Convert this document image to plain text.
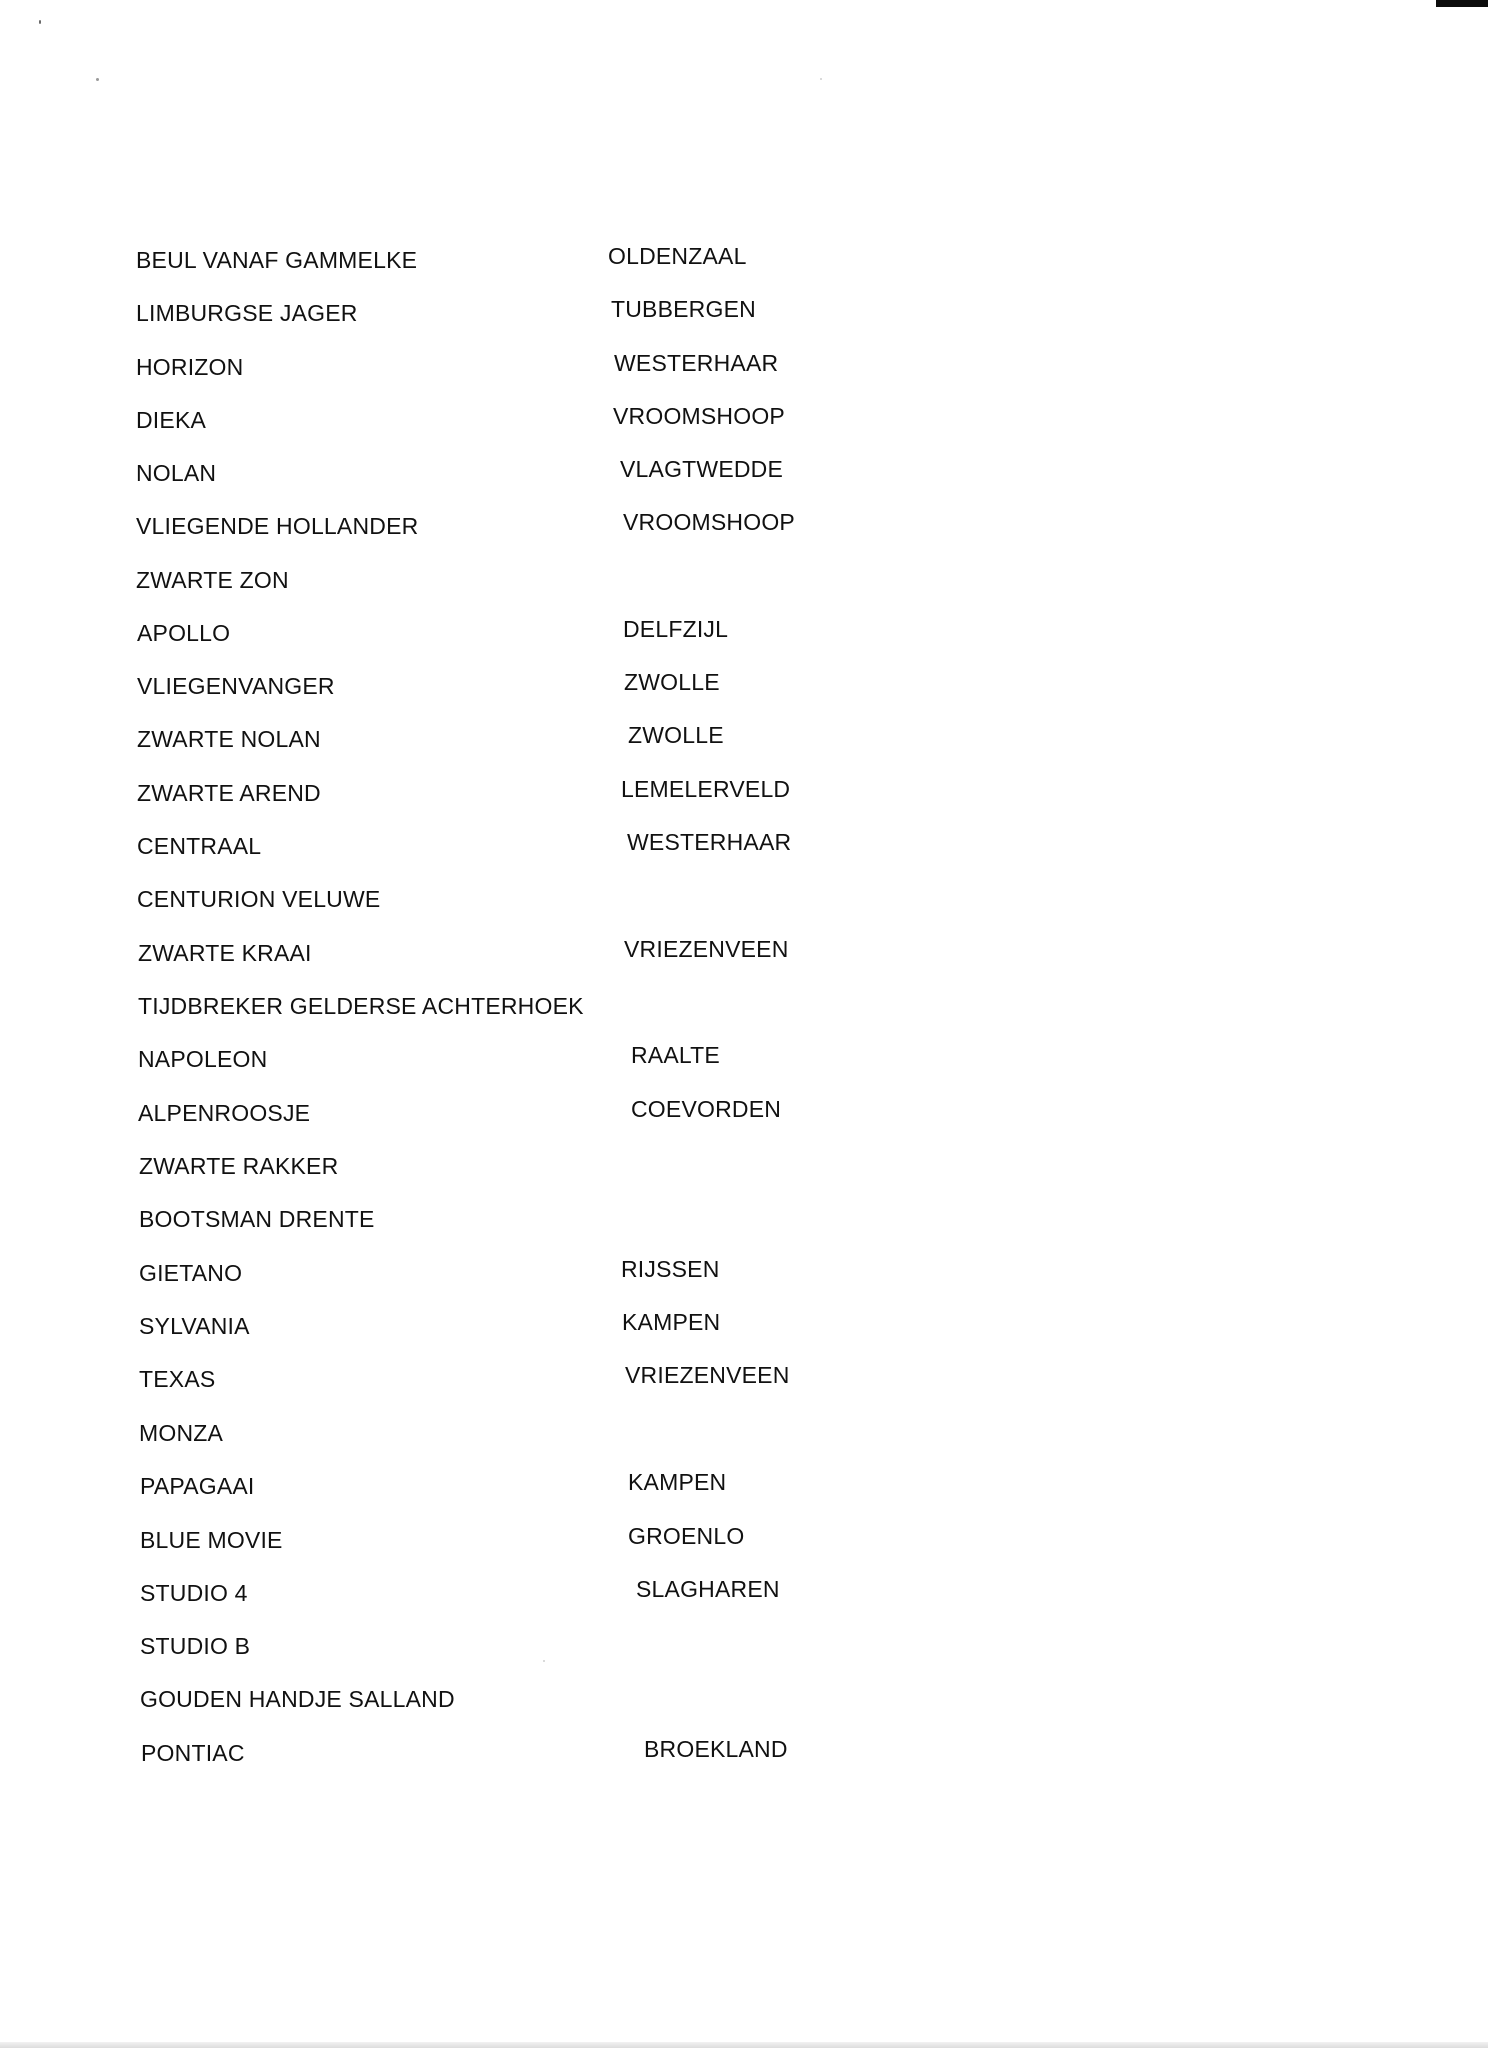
BEUL VANAF GAMMELKE	OLDENZAAL
LIMBURGSE JAGER	TUBBERGEN
HORIZON	WESTERHAAR
DIEKA	VROOMSHOOP
NOLAN	VLAGTWEDDE
VLIEGENDE HOLLANDER	VROOMSHOOP
ZWARTE ZON
APOLLO	DELFZIJL
VLIEGENVANGER	ZWOLLE
ZWARTE NOLAN	ZWOLLE
ZWARTE AREND	LEMELERVELD
CENTRAAL	WESTERHAAR
CENTURION VELUWE
ZWARTE KRAAI	VRIEZENVEEN
TIJDBREKER GELDERSE ACHTERHOEK
NAPOLEON	RAALTE
ALPENROOSJE	COEVORDEN
ZWARTE RAKKER
BOOTSMAN DRENTE
GIETANO	RIJSSEN
SYLVANIA	KAMPEN
TEXAS	VRIEZENVEEN
MONZA
PAPAGAAI	KAMPEN
BLUE MOVIE	GROENLO
STUDIO 4	SLAGHAREN
STUDIO B
GOUDEN HANDJE SALLAND
PONTIAC	BROEKLAND
